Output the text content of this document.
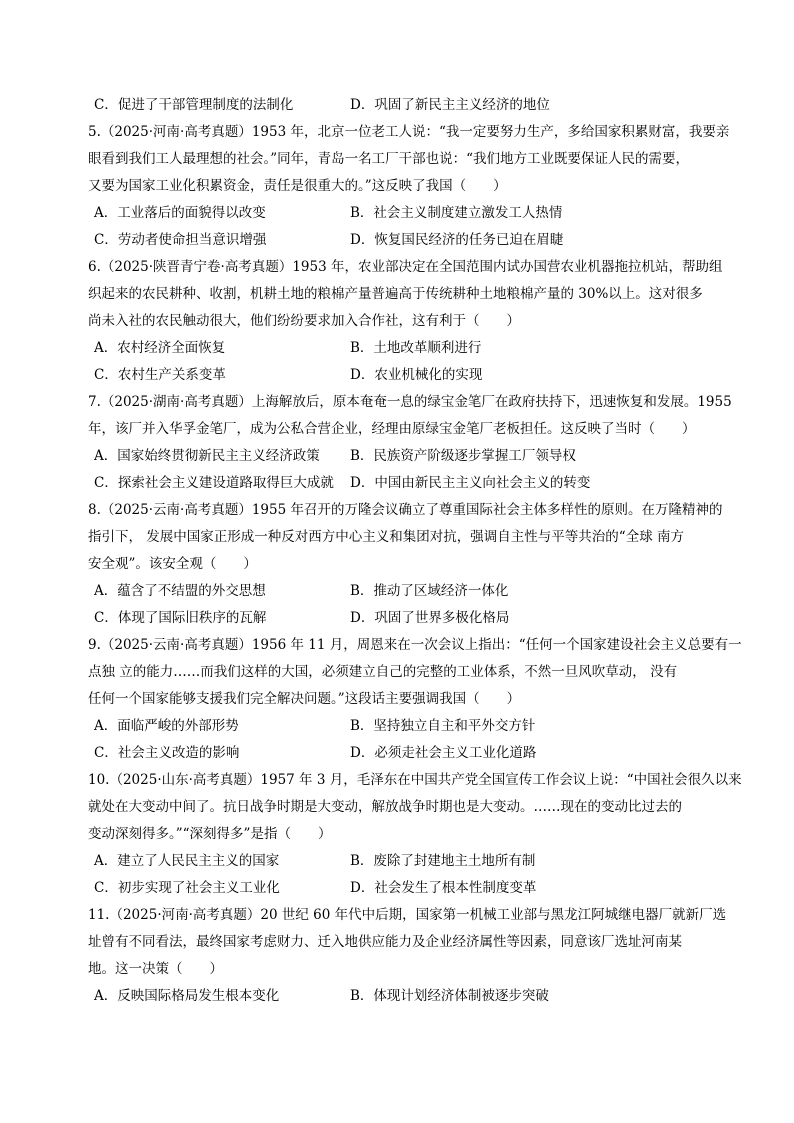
C．促进了干部管理制度的法制化	D．巩固了新民主主义经济的地位
5.（2025·河南·高考真题）1953 年，北京一位老工人说：“我一定要努力生产，多给国家积累财富，我要亲
眼看到我们工人最理想的社会。”同年，青岛一名工厂干部也说：“我们地方工业既要保证人民的需要，
又要为国家工业化积累资金，责任是很重大的。”这反映了我国（　　）
A．工业落后的面貌得以改变	B．社会主义制度建立激发工人热情
C．劳动者使命担当意识增强	D．恢复国民经济的任务已迫在眉睫
6.（2025·陕晋青宁卷·高考真题）1953 年，农业部决定在全国范围内试办国营农业机器拖拉机站，帮助组
织起来的农民耕种、收割，机耕土地的粮棉产量普遍高于传统耕种土地粮棉产量的 30%以上。这对很多
尚未入社的农民触动很大，他们纷纷要求加入合作社，这有利于（　　）
A．农村经济全面恢复	B．土地改革顺利进行
C．农村生产关系变革	D．农业机械化的实现
7.（2025·湖南·高考真题）上海解放后，原本奄奄一息的绿宝金笔厂在政府扶持下，迅速恢复和发展。1955
年，该厂并入华孚金笔厂，成为公私合营企业，经理由原绿宝金笔厂老板担任。这反映了当时（　　）
A．国家始终贯彻新民主主义经济政策	B．民族资产阶级逐步掌握工厂领导权
C．探索社会主义建设道路取得巨大成就	D．中国由新民主主义向社会主义的转变
8.（2025·云南·高考真题）1955 年召开的万隆会议确立了尊重国际社会主体多样性的原则。在万隆精神的
指引下， 发展中国家正形成一种反对西方中心主义和集团对抗，强调自主性与平等共治的“全球 南方
安全观”。该安全观（　　）
A．蕴含了不结盟的外交思想	B．推动了区域经济一体化
C．体现了国际旧秩序的瓦解	D．巩固了世界多极化格局
9.（2025·云南·高考真题）1956 年 11 月，周恩来在一次会议上指出：“任何一个国家建设社会主义总要有一
点独 立的能力……而我们这样的大国，必须建立自己的完整的工业体系，不然一旦风吹草动， 没有
任何一个国家能够支援我们完全解决问题。”这段话主要强调我国（　　）
A．面临严峻的外部形势	B．坚持独立自主和平外交方针
C．社会主义改造的影响	D．必须走社会主义工业化道路
10.（2025·山东·高考真题）1957 年 3 月，毛泽东在中国共产党全国宣传工作会议上说：“中国社会很久以来
就处在大变动中间了。抗日战争时期是大变动，解放战争时期也是大变动。……现在的变动比过去的
变动深刻得多。”“深刻得多”是指（　　）
A．建立了人民民主主义的国家	B．废除了封建地主土地所有制
C．初步实现了社会主义工业化	D．社会发生了根本性制度变革
11.（2025·河南·高考真题）20 世纪 60 年代中后期，国家第一机械工业部与黑龙江阿城继电器厂就新厂选
址曾有不同看法，最终国家考虑财力、迁入地供应能力及企业经济属性等因素，同意该厂选址河南某
地。这一决策（　　）
A．反映国际格局发生根本变化	B．体现计划经济体制被逐步突破
